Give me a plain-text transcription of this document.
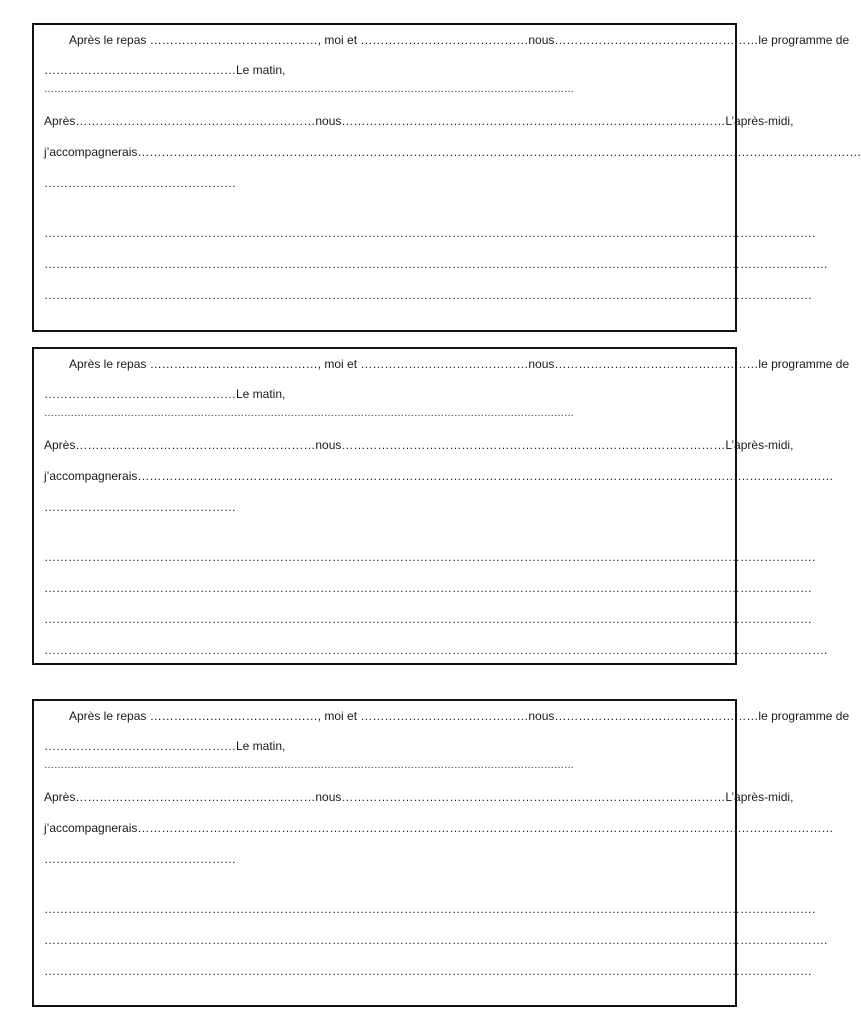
Après le repas ……………………………………, moi et ……………………………………nous……………………………………………le programme de
…………………………………………Le matin,
……………………………………………………………………………………………………………………………………………
Après……………………………………………………nous……………………………………………………………………………………L’après-midi,
j’accompagnerais……………………………………………………………………………………………………………………………………………………………….
…………………………………………
………………………………………………………………………………………………………………………………………………………………………….
…………………………………………………………………………………………………………………………………………………………………………….
…………………………………………………………………………………………………………………………………………………………………………
Après le repas ……………………………………, moi et ……………………………………nous……………………………………………le programme de
…………………………………………Le matin,
……………………………………………………………………………………………………………………………………………
Après……………………………………………………nous……………………………………………………………………………………L’après-midi,
j’accompagnerais…………………………………………………………………………………………………………………………………………………………
…………………………………………
………………………………………………………………………………………………………………………………………………………………………….
…………………………………………………………………………………………………………………………………………………………………………
…………………………………………………………………………………………………………………………………………………………………………
…………………………………………………………………………………………………………………………………………………………………………….
Après le repas ……………………………………, moi et ……………………………………nous……………………………………………le programme de
…………………………………………Le matin,
……………………………………………………………………………………………………………………………………………
Après……………………………………………………nous……………………………………………………………………………………L’après-midi,
j’accompagnerais…………………………………………………………………………………………………………………………………………………………
…………………………………………
………………………………………………………………………………………………………………………………………………………………………….
…………………………………………………………………………………………………………………………………………………………………………….
…………………………………………………………………………………………………………………………………………………………………………
